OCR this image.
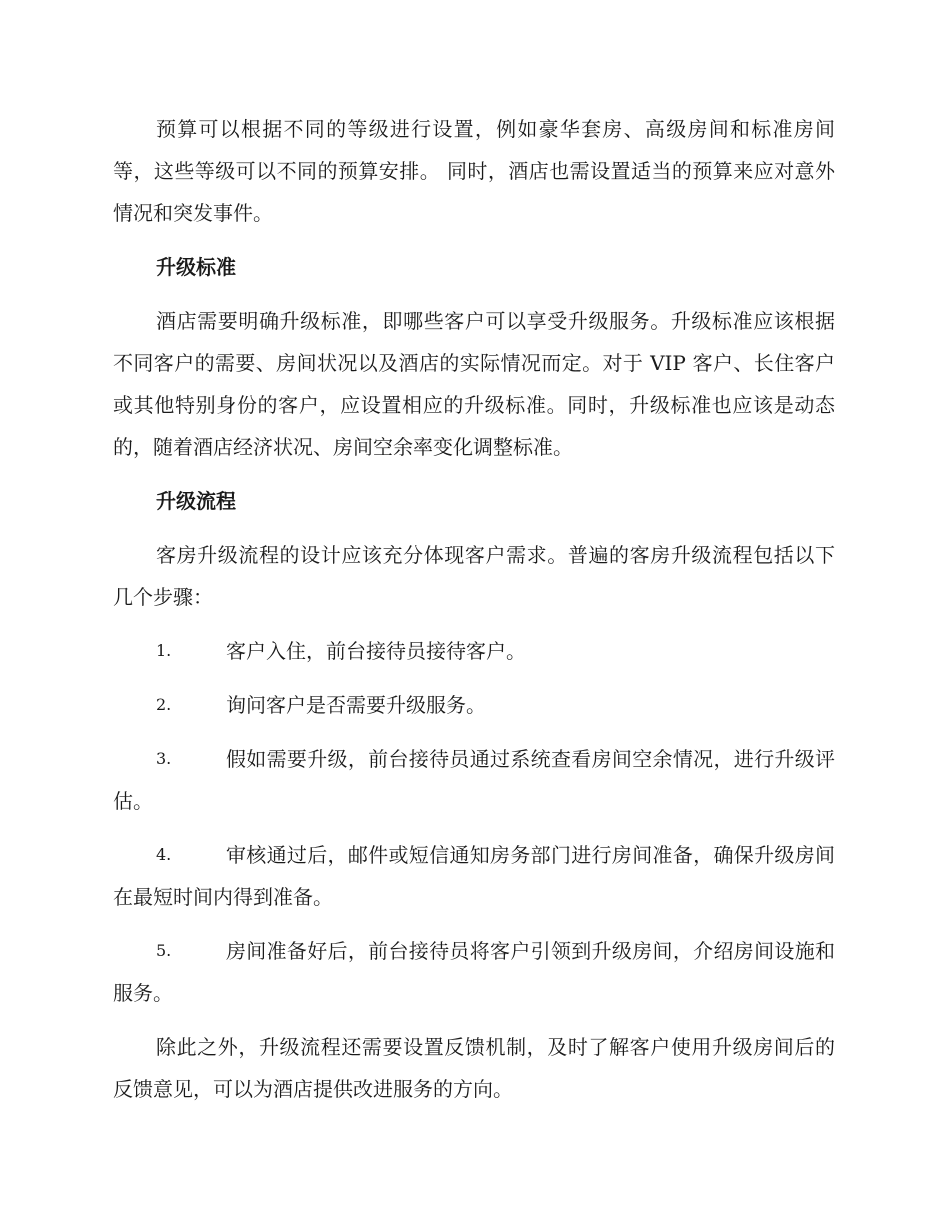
预算可以根据不同的等级进行设置，例如豪华套房、高级房间和标准房间等，这些等级可以不同的预算安排。 同时，酒店也需设置适当的预算来应对意外情况和突发事件。

升级标准

酒店需要明确升级标准，即哪些客户可以享受升级服务。升级标准应该根据不同客户的需要、房间状况以及酒店的实际情况而定。对于 VIP 客户、长住客户或其他特别身份的客户，应设置相应的升级标准。同时，升级标准也应该是动态的，随着酒店经济状况、房间空余率变化调整标准。

升级流程

客房升级流程的设计应该充分体现客户需求。普遍的客房升级流程包括以下几个步骤：

1.	客户入住，前台接待员接待客户。
2.	询问客户是否需要升级服务。
3.	假如需要升级，前台接待员通过系统查看房间空余情况，进行升级评估。
4.	审核通过后，邮件或短信通知房务部门进行房间准备，确保升级房间在最短时间内得到准备。
5.	房间准备好后，前台接待员将客户引领到升级房间，介绍房间设施和服务。

除此之外，升级流程还需要设置反馈机制，及时了解客户使用升级房间后的反馈意见，可以为酒店提供改进服务的方向。
